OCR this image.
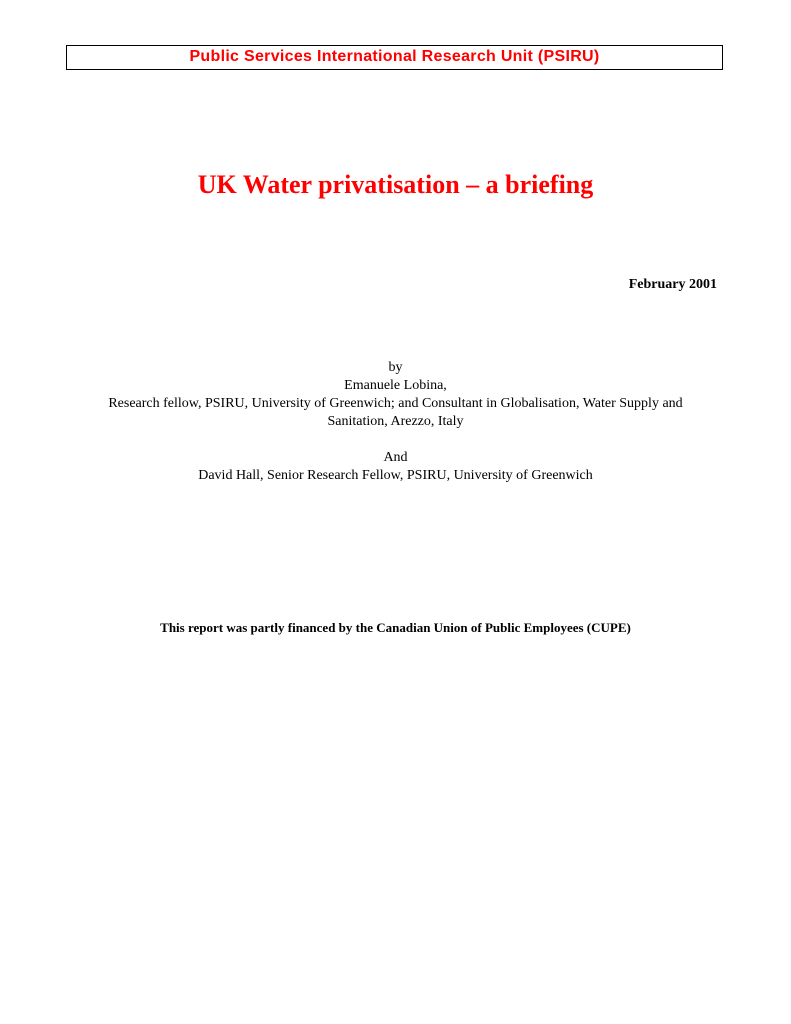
Public Services International Research Unit (PSIRU)
UK Water privatisation – a briefing
February 2001
by
Emanuele Lobina,
Research fellow, PSIRU, University of Greenwich; and Consultant in Globalisation, Water Supply and
Sanitation, Arezzo, Italy
And
David Hall, Senior Research Fellow, PSIRU, University of Greenwich
This report was partly financed by the Canadian Union of Public Employees (CUPE)
